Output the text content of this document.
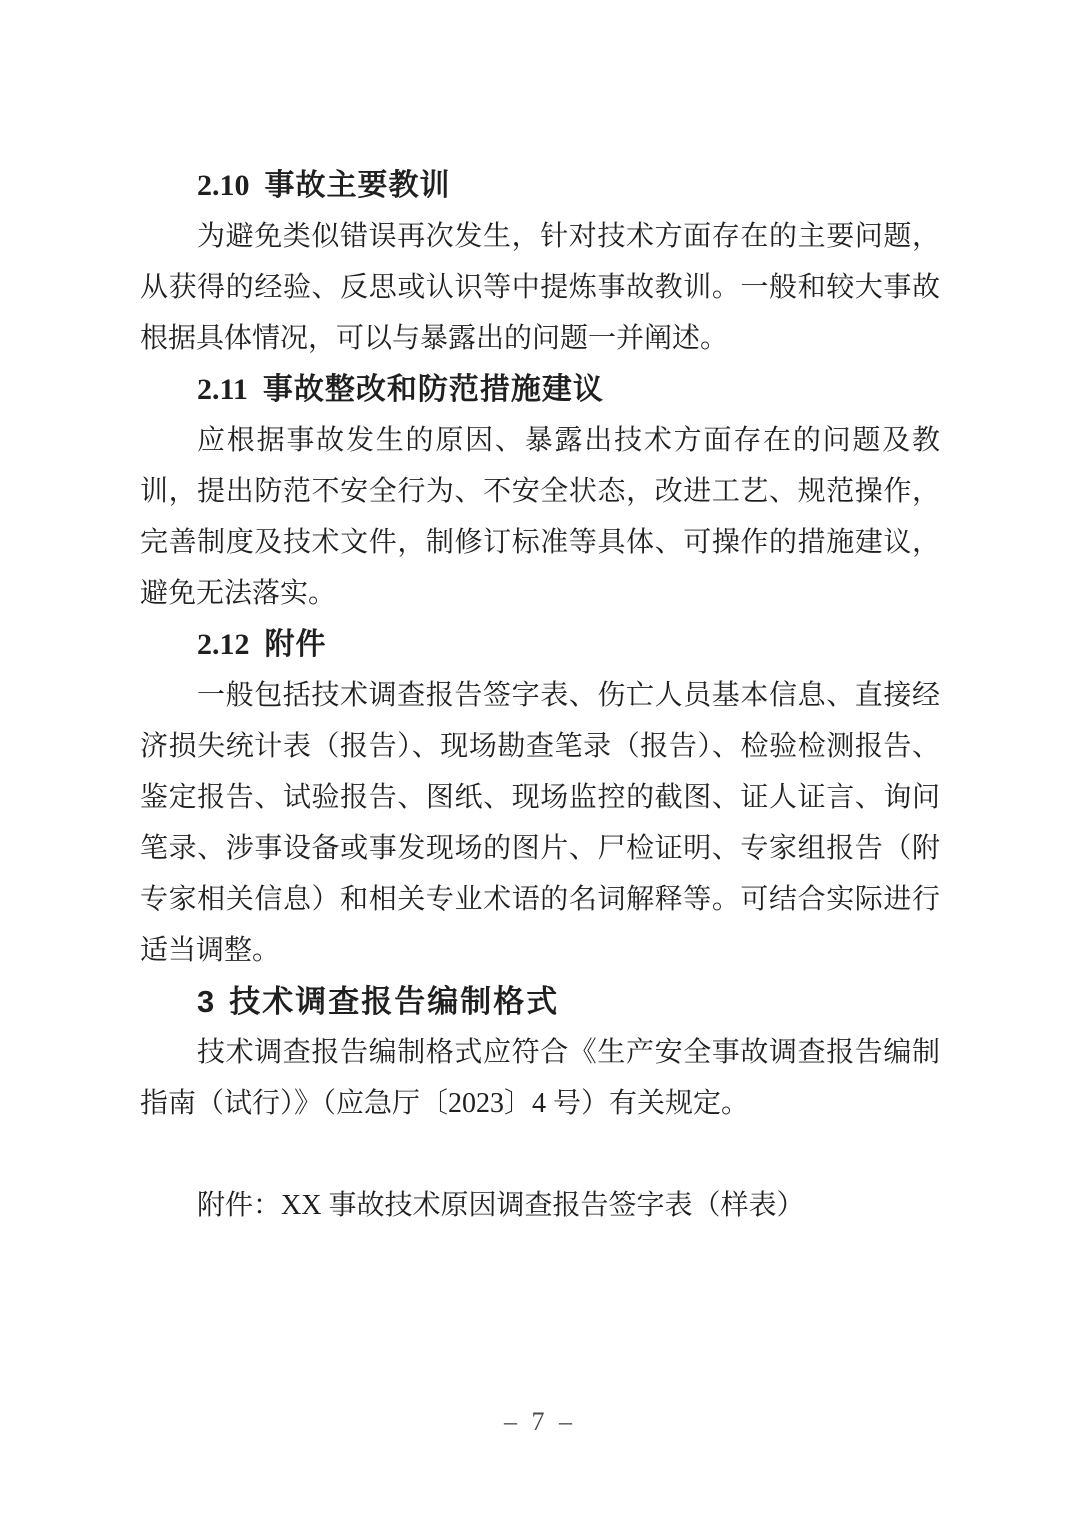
2.10 事故主要教训
为避免类似错误再次发生，针对技术方面存在的主要问题，
从获得的经验、反思或认识等中提炼事故教训。一般和较大事故
根据具体情况，可以与暴露出的问题一并阐述。
2.11 事故整改和防范措施建议
应根据事故发生的原因、暴露出技术方面存在的问题及教
训，提出防范不安全行为、不安全状态，改进工艺、规范操作，
完善制度及技术文件，制修订标准等具体、可操作的措施建议，
避免无法落实。
2.12 附件
一般包括技术调查报告签字表、伤亡人员基本信息、直接经
济损失统计表（报告）、现场勘查笔录（报告）、检验检测报告、
鉴定报告、试验报告、图纸、现场监控的截图、证人证言、询问
笔录、涉事设备或事发现场的图片、尸检证明、专家组报告（附
专家相关信息）和相关专业术语的名词解释等。可结合实际进行
适当调整。
3 技术调查报告编制格式
技术调查报告编制格式应符合《生产安全事故调查报告编制
指南（试行）》（应急厅〔2023〕4 号）有关规定。
附件：XX 事故技术原因调查报告签字表（样表）
– 7 –
